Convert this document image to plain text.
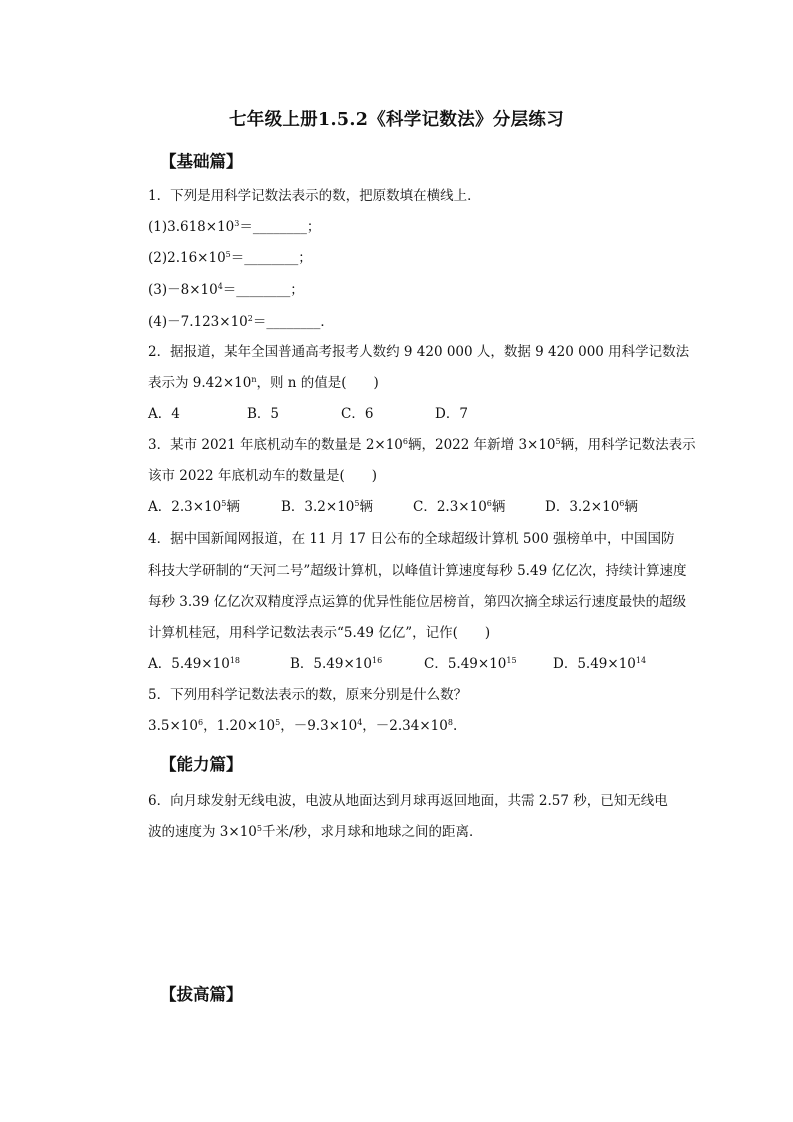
七年级上册1.5.2《科学记数法》分层练习
【基础篇】
1．下列是用科学记数法表示的数，把原数填在横线上．
$(1)3.618\times 10^3=\_\_\_\_\_\_\_\_$；
$(2)2.16\times 10^5=\_\_\_\_\_\_\_\_$；
$(3)-8\times 10^4=\_\_\_\_\_\_\_\_$；
$(4)-7.123\times 10^2=\_\_\_\_\_\_\_\_$．
2．据报道，某年全国普通高考报考人数约 9 420 000 人，数据 9 420 000 用科学记数法
表示为 $9.42\times 10^n$，则 n 的值是(　　)
A．4	B．5	C．6	D．7
3．某市 2021 年底机动车的数量是 $2\times 10^6$辆，2022 年新增 $3\times 10^5$辆，用科学记数法表示
该市 2022 年底机动车的数量是(　　)
A．$2.3\times 10^5$辆	B．$3.2\times 10^5$辆	C．$2.3\times 10^6$辆	D．$3.2\times 10^6$辆
4．据中国新闻网报道，在 11 月 17 日公布的全球超级计算机 500 强榜单中，中国国防
科技大学研制的“天河二号”超级计算机，以峰值计算速度每秒 5.49 亿亿次，持续计算速度
每秒 3.39 亿亿次双精度浮点运算的优异性能位居榜首，第四次摘全球运行速度最快的超级
计算机桂冠，用科学记数法表示“5.49 亿亿”，记作(　　)
A．$5.49\times 10^{18}$	B．$5.49\times 10^{16}$	C．$5.49\times 10^{15}$	D．$5.49\times 10^{14}$
5．下列用科学记数法表示的数，原来分别是什么数？
$3.5\times 10^6$，$1.20\times 10^5$，$-9.3\times 10^4$，$-2.34\times 10^8$.
【能力篇】
6．向月球发射无线电波，电波从地面达到月球再返回地面，共需 2.57 秒，已知无线电
波的速度为 $3\times 10^5$千米/秒，求月球和地球之间的距离．
【拔高篇】
